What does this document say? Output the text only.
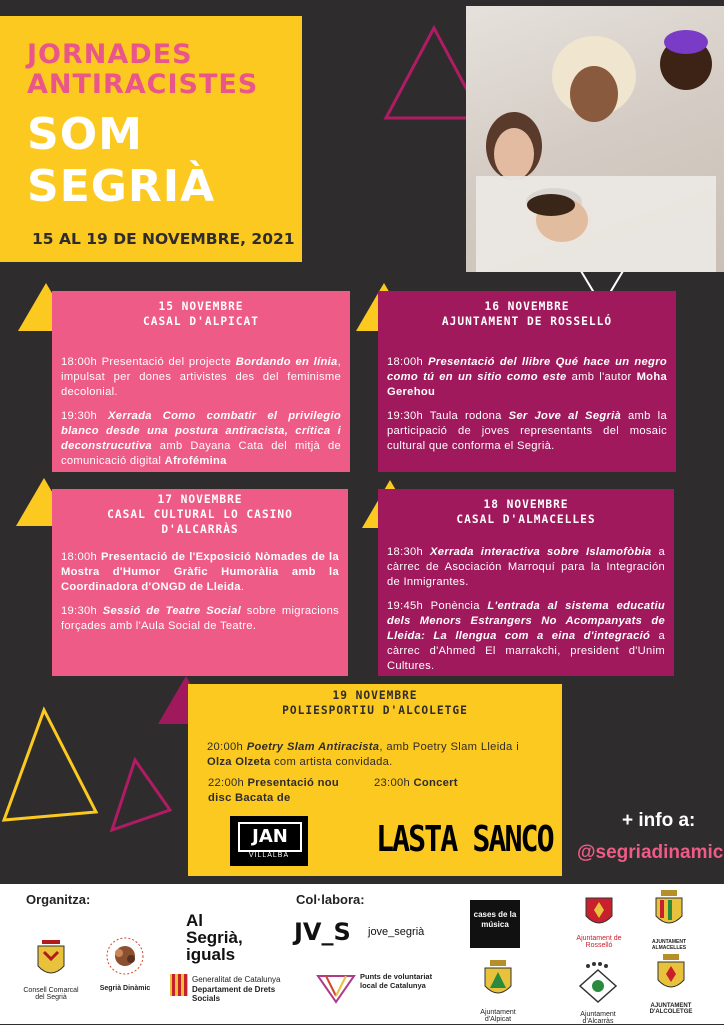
JORNADES
ANTIRACISTES
SOM
SEGRIÀ
15 AL 19 DE NOVEMBRE, 2021
15 NOVEMBRE
CASAL D'ALPICAT

18:00h Presentació del projecte Bordando en línia, impulsat per dones artivistes des del feminisme decolonial.

19:30h Xerrada Como combatir el privilegio blanco desde una postura antiracista, crítica i deconstrucutiva amb Dayana Cata del mitjà de comunicació digital Afrofémina

16 NOVEMBRE
AJUNTAMENT DE ROSSELLÓ

18:00h Presentació del llibre Qué hace un negro como tú en un sitio como este amb l'autor Moha Gerehou

19:30h Taula rodona Ser Jove al Segrià amb la participació de joves representants del mosaic cultural que conforma el Segrià.

17 NOVEMBRE
CASAL CULTURAL LO CASINO
D'ALCARRÀS

18:00h Presentació de l'Exposició Nòmades de la Mostra d'Humor Gràfic Humoràlia amb la Coordinadora d'ONGD de Lleida.

19:30h Sessió de Teatre Social sobre migracions forçades amb l'Aula Social de Teatre.

18 NOVEMBRE
CASAL D'ALMACELLES

18:30h Xerrada interactiva sobre Islamofòbia a càrrec de Asociación Marroquí para la Integración de Inmigrantes.

19:45h Ponència L'entrada al sistema educatiu dels Menors Estrangers No Acompanyats de Lleida: La llengua com a eina d'integració a càrrec d'Ahmed El marrakchi, president d'Unim Cultures.

19 NOVEMBRE
POLIESPORTIU D'ALCOLETGE
20:00h Poetry Slam Antiracista, amb Poetry Slam Lleida i Olza Olzeta com artista convidada.
22:00h Presentació nou disc Bacata de
23:00h Concert
JAN
VILLALBA	LASTA SANCO	+ info a:
@segriadinamic
Organitza:	Col·labora:
Consell Comarcal del Segrià
Segrià Dinàmic
Al Segrià, iguals
Generalitat de Catalunya
Departament de Drets Socials
JV_S jove_segrià
Punts de voluntariat local de Catalunya
cases de la música
Ajuntament de Rosselló	AJUNTAMENT ALMACELLES
Ajuntament d'Alpicat
Ajuntament d'Alcarràs
AJUNTAMENT D'ALCOLETGE
